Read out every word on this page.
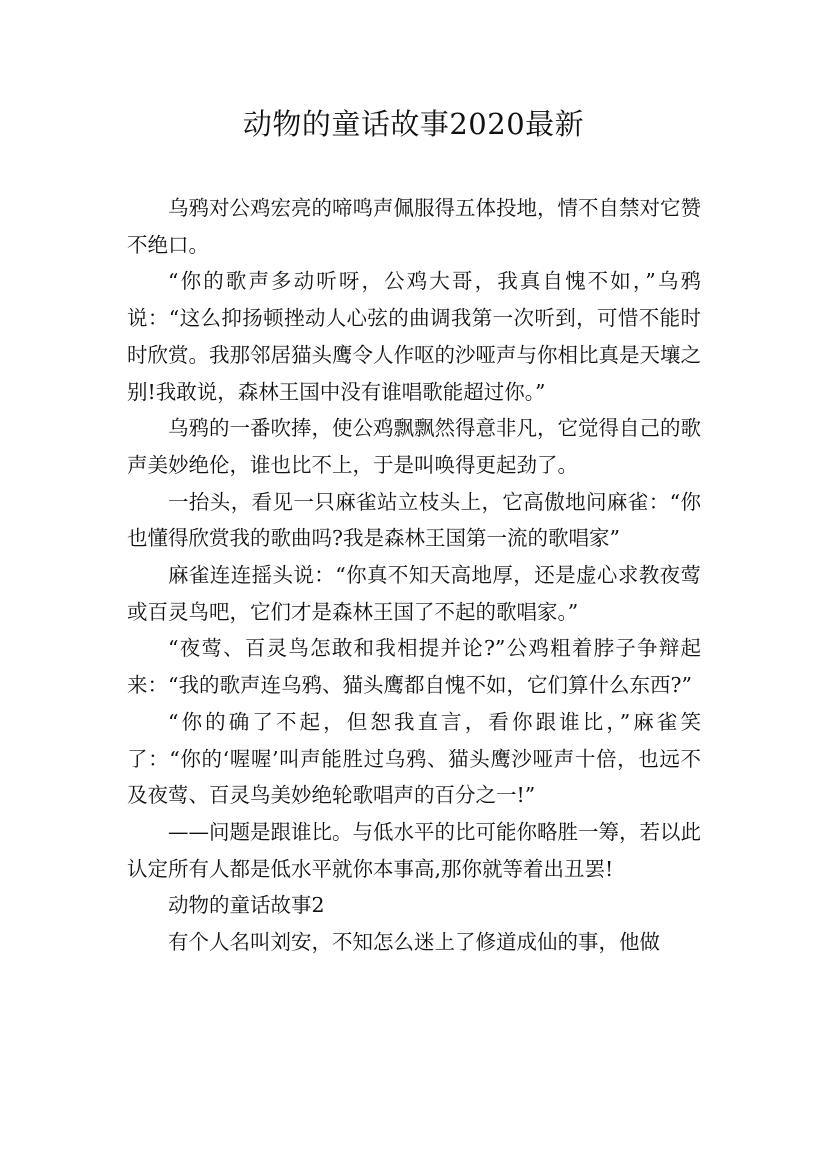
动物的童话故事2020最新

乌鸦对公鸡宏亮的啼鸣声佩服得五体投地，情不自禁对它赞不绝口。

“你的歌声多动听呀，公鸡大哥，我真自愧不如，”乌鸦说：“这么抑扬顿挫动人心弦的曲调我第一次听到，可惜不能时时欣赏。我那邻居猫头鹰令人作呕的沙哑声与你相比真是天壤之别!我敢说，森林王国中没有谁唱歌能超过你。”

乌鸦的一番吹捧，使公鸡飘飘然得意非凡，它觉得自己的歌声美妙绝伦，谁也比不上，于是叫唤得更起劲了。

一抬头，看见一只麻雀站立枝头上，它高傲地问麻雀：“你也懂得欣赏我的歌曲吗?我是森林王国第一流的歌唱家”

麻雀连连摇头说：“你真不知天高地厚，还是虚心求教夜莺或百灵鸟吧，它们才是森林王国了不起的歌唱家。”

“夜莺、百灵鸟怎敢和我相提并论?”公鸡粗着脖子争辩起来：“我的歌声连乌鸦、猫头鹰都自愧不如，它们算什么东西?”

“你的确了不起，但恕我直言，看你跟谁比，”麻雀笑了：“你的‘喔喔’叫声能胜过乌鸦、猫头鹰沙哑声十倍，也远不及夜莺、百灵鸟美妙绝轮歌唱声的百分之一!”

——问题是跟谁比。与低水平的比可能你略胜一筹，若以此认定所有人都是低水平就你本事高,那你就等着出丑罢!

动物的童话故事2

有个人名叫刘安，不知怎么迷上了修道成仙的事，他做
